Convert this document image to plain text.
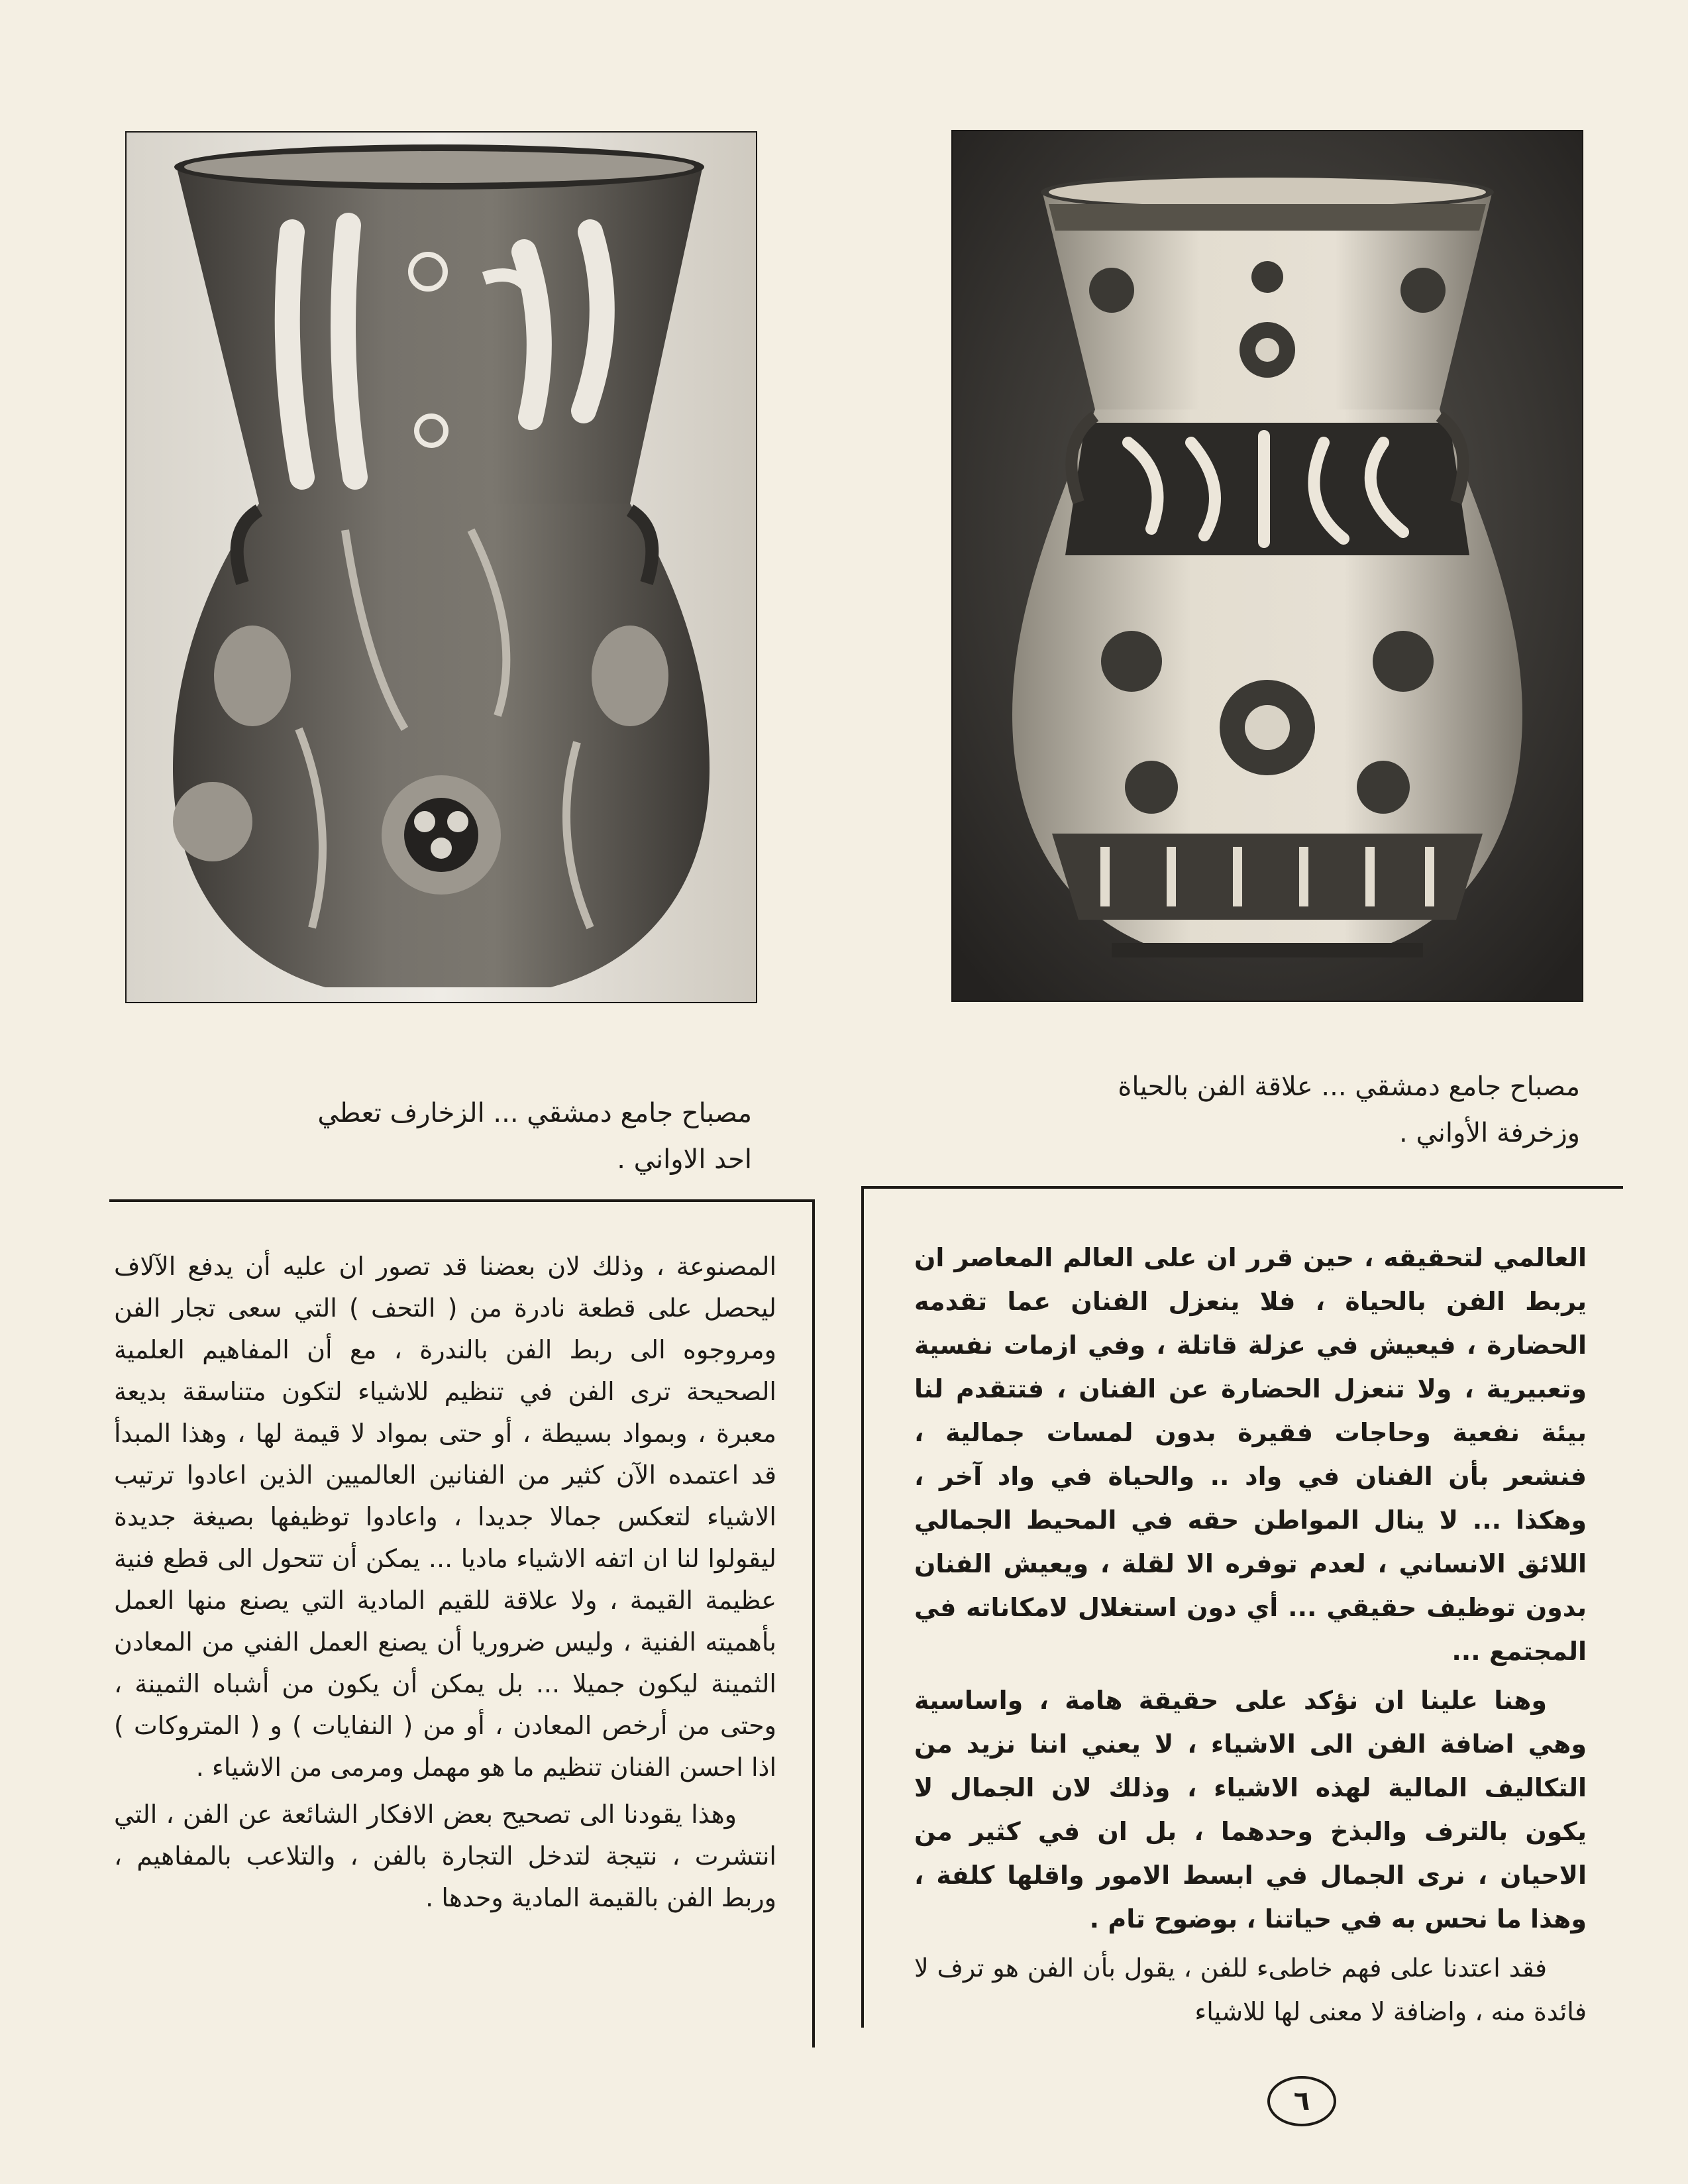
مصباح جامع دمشقي ... علاقة الفن بالحياة
وزخرفة الأواني .
مصباح جامع دمشقي ... الزخارف تعطي
احد الاواني .

العالمي لتحقيقه ، حين قرر ان على العالم المعاصر ان يربط الفن بالحياة ، فلا ينعزل الفنان عما تقدمه الحضارة ، فيعيش في عزلة قاتلة ، وفي ازمات نفسية وتعبيرية ، ولا تنعزل الحضارة عن الفنان ، فتتقدم لنا بيئة نفعية وحاجات فقيرة بدون لمسات جمالية ، فنشعر بأن الفنان في واد .. والحياة في واد آخر ، وهكذا ... لا ينال المواطن حقه في المحيط الجمالي اللائق الانساني ، لعدم توفره الا لقلة ، ويعيش الفنان بدون توظيف حقيقي ... أي دون استغلال لامكاناته في المجتمع ...

وهنا علينا ان نؤكد على حقيقة هامة ، واساسية وهي اضافة الفن الى الاشياء ، لا يعني اننا نزيد من التكاليف المالية لهذه الاشياء ، وذلك لان الجمال لا يكون بالترف والبذخ وحدهما ، بل ان في كثير من الاحيان ، نرى الجمال في ابسط الامور واقلها كلفة ، وهذا ما نحس به في حياتنا ، بوضوح تام .

فقد اعتدنا على فهم خاطىء للفن ، يقول بأن الفن هو ترف لا فائدة منه ، واضافة لا معنى لها للاشياء

المصنوعة ، وذلك لان بعضنا قد تصور ان عليه أن يدفع الآلاف ليحصل على قطعة نادرة من ( التحف ) التي سعى تجار الفن ومروجوه الى ربط الفن بالندرة ، مع أن المفاهيم العلمية الصحيحة ترى الفن في تنظيم للاشياء لتكون متناسقة بديعة معبرة ، وبمواد بسيطة ، أو حتى بمواد لا قيمة لها ، وهذا المبدأ قد اعتمده الآن كثير من الفنانين العالميين الذين اعادوا ترتيب الاشياء لتعكس جمالا جديدا ، واعادوا توظيفها بصيغة جديدة ليقولوا لنا ان اتفه الاشياء ماديا ... يمكن أن تتحول الى قطع فنية عظيمة القيمة ، ولا علاقة للقيم المادية التي يصنع منها العمل بأهميته الفنية ، وليس ضروريا أن يصنع العمل الفني من المعادن الثمينة ليكون جميلا ... بل يمكن أن يكون من أشباه الثمينة ، وحتى من أرخص المعادن ، أو من ( النفايات ) و ( المتروكات ) اذا احسن الفنان تنظيم ما هو مهمل ومرمى من الاشياء .

وهذا يقودنا الى تصحيح بعض الافكار الشائعة عن الفن ، التي انتشرت ، نتيجة لتدخل التجارة بالفن ، والتلاعب بالمفاهيم ، وربط الفن بالقيمة المادية وحدها .

٦
